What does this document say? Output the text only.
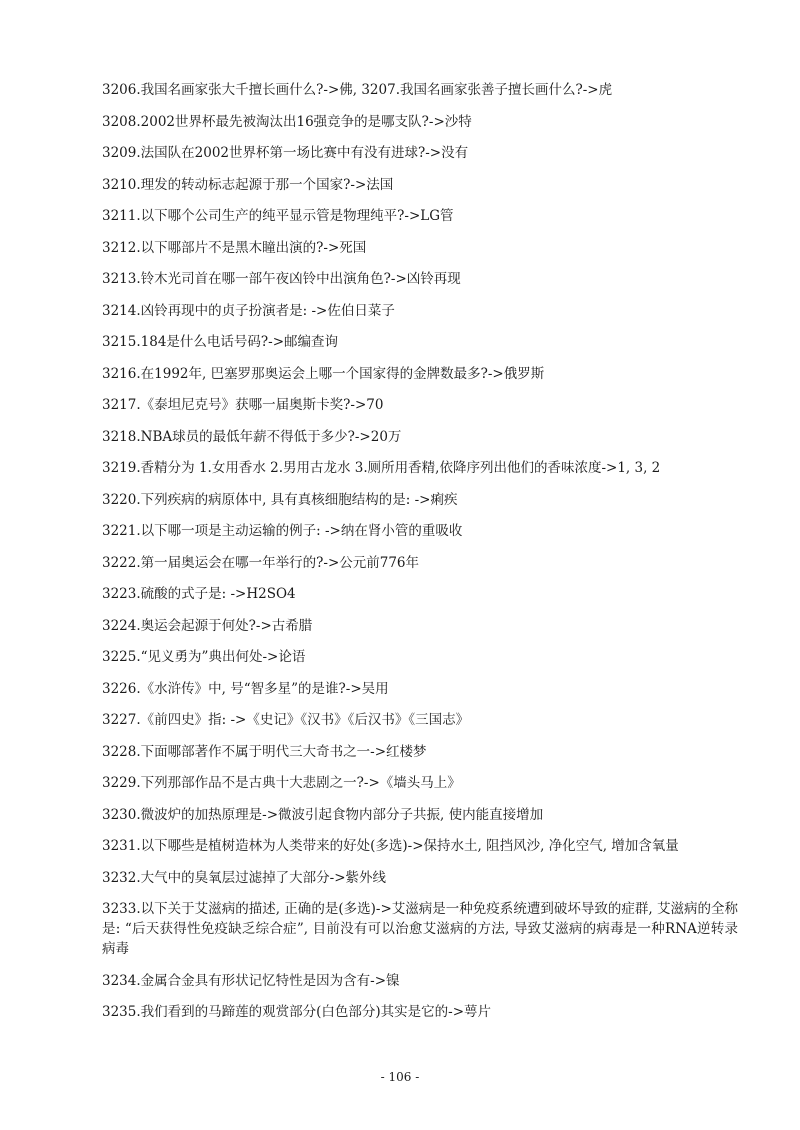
3206.我国名画家张大千擅长画什么?->佛, 3207.我国名画家张善子擅长画什么?->虎

3208.2002世界杯最先被淘汰出16强竞争的是哪支队?->沙特

3209.法国队在2002世界杯第一场比赛中有没有进球?->没有

3210.理发的转动标志起源于那一个国家?->法国

3211.以下哪个公司生产的纯平显示管是物理纯平?->LG管

3212.以下哪部片不是黑木瞳出演的?->死国

3213.铃木光司首在哪一部午夜凶铃中出演角色?->凶铃再现

3214.凶铃再现中的贞子扮演者是: ->佐伯日菜子

3215.184是什么电话号码?->邮编查询

3216.在1992年, 巴塞罗那奥运会上哪一个国家得的金牌数最多?->俄罗斯

3217.《泰坦尼克号》获哪一届奥斯卡奖?->70

3218.NBA球员的最低年薪不得低于多少?->20万

3219.香精分为 1.女用香水 2.男用古龙水 3.厕所用香精,依降序列出他们的香味浓度->1, 3, 2

3220.下列疾病的病原体中, 具有真核细胞结构的是: ->痢疾

3221.以下哪一项是主动运输的例子: ->纳在肾小管的重吸收

3222.第一届奥运会在哪一年举行的?->公元前776年

3223.硫酸的式子是: ->H2SO4

3224.奥运会起源于何处?->古希腊

3225.“见义勇为”典出何处->论语

3226.《水浒传》中, 号“智多星”的是谁?->吴用

3227.《前四史》指: ->《史记》《汉书》《后汉书》《三国志》

3228.下面哪部著作不属于明代三大奇书之一->红楼梦

3229.下列那部作品不是古典十大悲剧之一?->《墙头马上》

3230.微波炉的加热原理是->微波引起食物内部分子共振, 使内能直接增加

3231.以下哪些是植树造林为人类带来的好处(多选)->保持水土, 阻挡风沙, 净化空气, 增加含氧量

3232.大气中的臭氧层过滤掉了大部分->紫外线

3233.以下关于艾滋病的描述, 正确的是(多选)->艾滋病是一种免疫系统遭到破坏导致的症群, 艾滋病的全称是: “后天获得性免疫缺乏综合症”, 目前没有可以治愈艾滋病的方法, 导致艾滋病的病毒是一种RNA逆转录病毒

3234.金属合金具有形状记忆特性是因为含有->镍

3235.我们看到的马蹄莲的观赏部分(白色部分)其实是它的->萼片

- 106 -
